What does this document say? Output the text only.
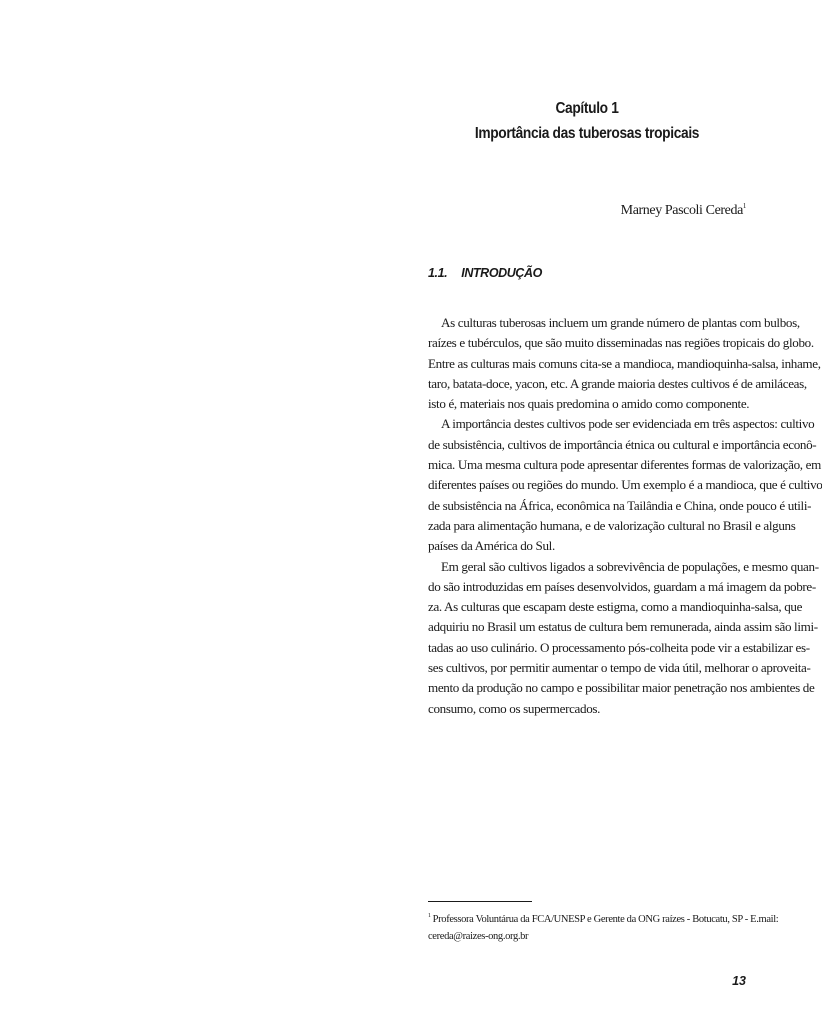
Capítulo 1
Importância das tuberosas tropicais
Marney Pascoli Cereda$^1$
1.1. INTRODUÇÃO
As culturas tuberosas incluem um grande número de plantas com bulbos,
raízes e tubérculos, que são muito disseminadas nas regiões tropicais do globo.
Entre as culturas mais comuns cita-se a mandioca, mandioquinha-salsa, inhame,
taro, batata-doce, yacon, etc. A grande maioria destes cultivos é de amiláceas,
isto é, materiais nos quais predomina o amido como componente.
A importância destes cultivos pode ser evidenciada em três aspectos: cultivo
de subsistência, cultivos de importância étnica ou cultural e importância econô-
mica. Uma mesma cultura pode apresentar diferentes formas de valorização, em
diferentes países ou regiões do mundo. Um exemplo é a mandioca, que é cultivo
de subsistência na África, econômica na Tailândia e China, onde pouco é utili-
zada para alimentação humana, e de valorização cultural no Brasil e alguns
países da América do Sul.
Em geral são cultivos ligados a sobrevivência de populações, e mesmo quan-
do são introduzidas em países desenvolvidos, guardam a má imagem da pobre-
za. As culturas que escapam deste estigma, como a mandioquinha-salsa, que
adquiriu no Brasil um estatus de cultura bem remunerada, ainda assim são limi-
tadas ao uso culinário. O processamento pós-colheita pode vir a estabilizar es-
ses cultivos, por permitir aumentar o tempo de vida útil, melhorar o aproveita-
mento da produção no campo e possibilitar maior penetração nos ambientes de
consumo, como os supermercados.
$^1$ Professora Voluntárua da FCA/UNESP e Gerente da ONG raízes - Botucatu, SP - E.mail:
cereda@raizes-ong.org.br
13
